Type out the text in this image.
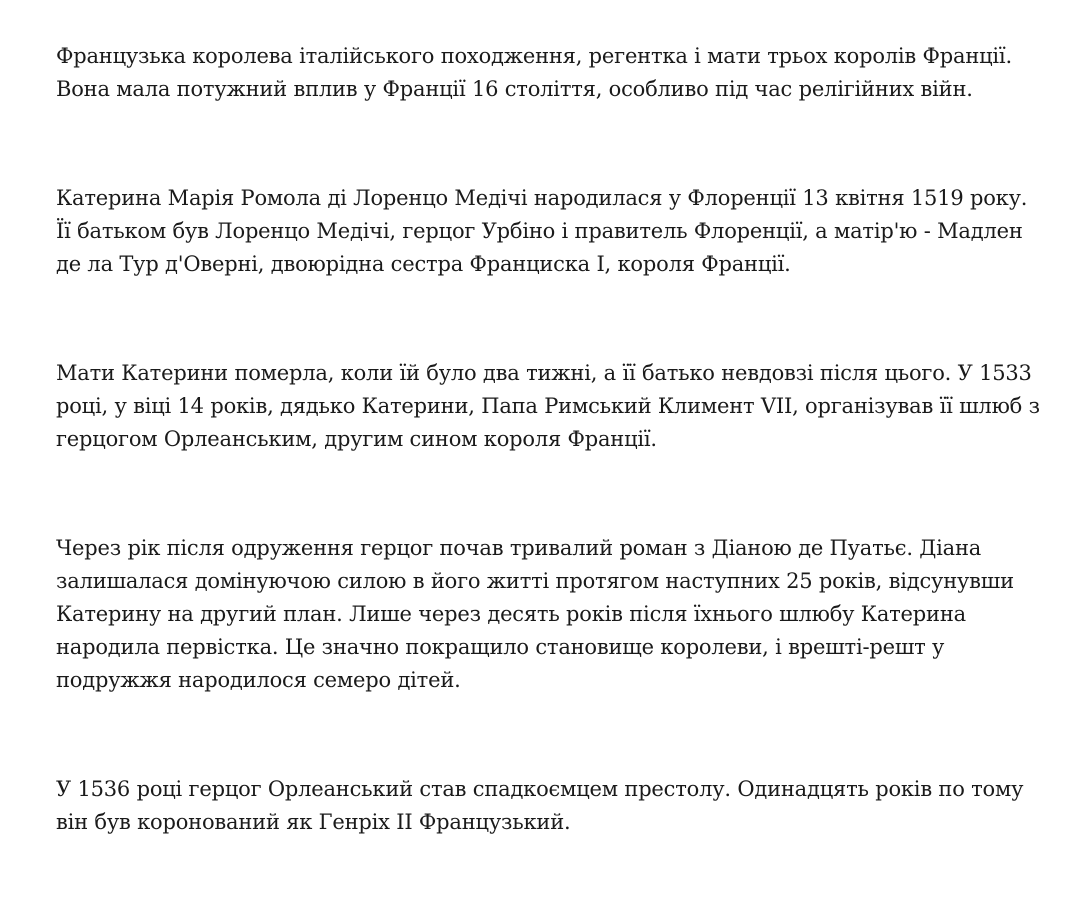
Французька королева італійського походження, регентка і мати трьох королів Франції. Вона мала потужний вплив у Франції 16 століття, особливо під час релігійних війн.

Катерина Марія Ромола ді Лоренцо Медічі народилася у Флоренції 13 квітня 1519 року. Її батьком був Лоренцо Медічі, герцог Урбіно і правитель Флоренції, а матір'ю - Мадлен де ла Тур д'Оверні, двоюрідна сестра Франциска І, короля Франції.

Мати Катерини померла, коли їй було два тижні, а її батько невдовзі після цього. У 1533 році, у віці 14 років, дядько Катерини, Папа Римський Климент VII, організував її шлюб з герцогом Орлеанським, другим сином короля Франції.

Через рік після одруження герцог почав тривалий роман з Діаною де Пуатьє. Діана залишалася домінуючою силою в його житті протягом наступних 25 років, відсунувши Катерину на другий план. Лише через десять років після їхнього шлюбу Катерина народила первістка. Це значно покращило становище королеви, і врешті-решт у подружжя народилося семеро дітей.

У 1536 році герцог Орлеанський став спадкоємцем престолу. Одинадцять років по тому він був коронований як Генріх II Французький.
